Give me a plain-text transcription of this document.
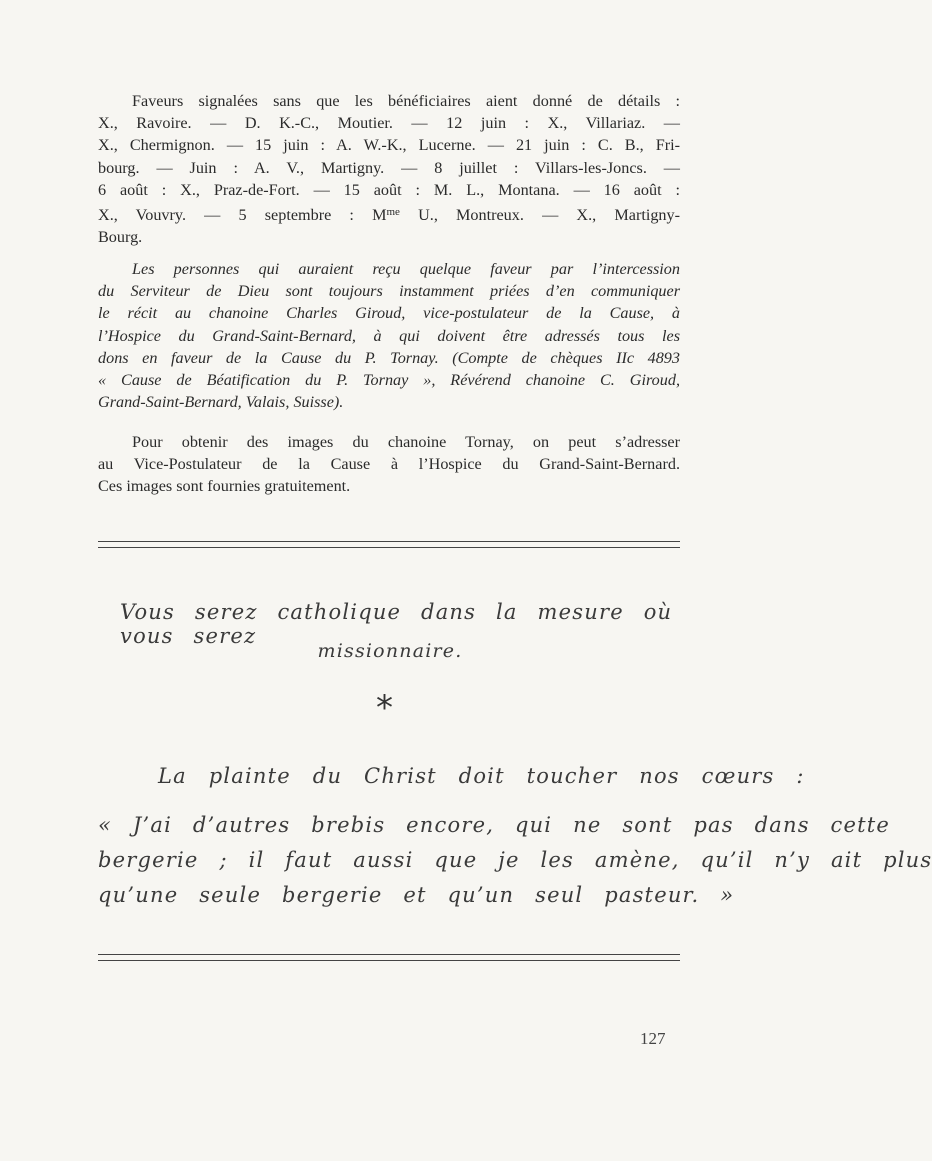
Faveurs signalées sans que les bénéficiaires aient donné de détails :
X., Ravoire. — D. K.-C., Moutier. — 12 juin : X., Villariaz. —
X., Chermignon. — 15 juin : A. W.-K., Lucerne. — 21 juin : C. B., Fri-
bourg. — Juin : A. V., Martigny. — 8 juillet : Villars-les-Joncs. —
6 août : X., Praz-de-Fort. — 15 août : M. L., Montana. — 16 août :
X., Vouvry. — 5 septembre : $M^{me}$ U., Montreux. — X., Martigny-
Bourg.
Les personnes qui auraient reçu quelque faveur par l’intercession
du Serviteur de Dieu sont toujours instamment priées d’en communiquer
le récit au chanoine Charles Giroud, vice-postulateur de la Cause, à
l’Hospice du Grand-Saint-Bernard, à qui doivent être adressés tous les
dons en faveur de la Cause du P. Tornay. (Compte de chèques IIc 4893
« Cause de Béatification du P. Tornay », Révérend chanoine C. Giroud,
Grand-Saint-Bernard, Valais, Suisse).
Pour obtenir des images du chanoine Tornay, on peut s’adresser
au Vice-Postulateur de la Cause à l’Hospice du Grand-Saint-Bernard.
Ces images sont fournies gratuitement.
Vous serez catholique dans la mesure où vous serez
missionnaire.
*
La plainte du Christ doit toucher nos cœurs :
« J’ai d’autres brebis encore, qui ne sont pas dans cette
bergerie ; il faut aussi que je les amène, qu’il n’y ait plus
qu’une seule bergerie et qu’un seul pasteur. »
127
